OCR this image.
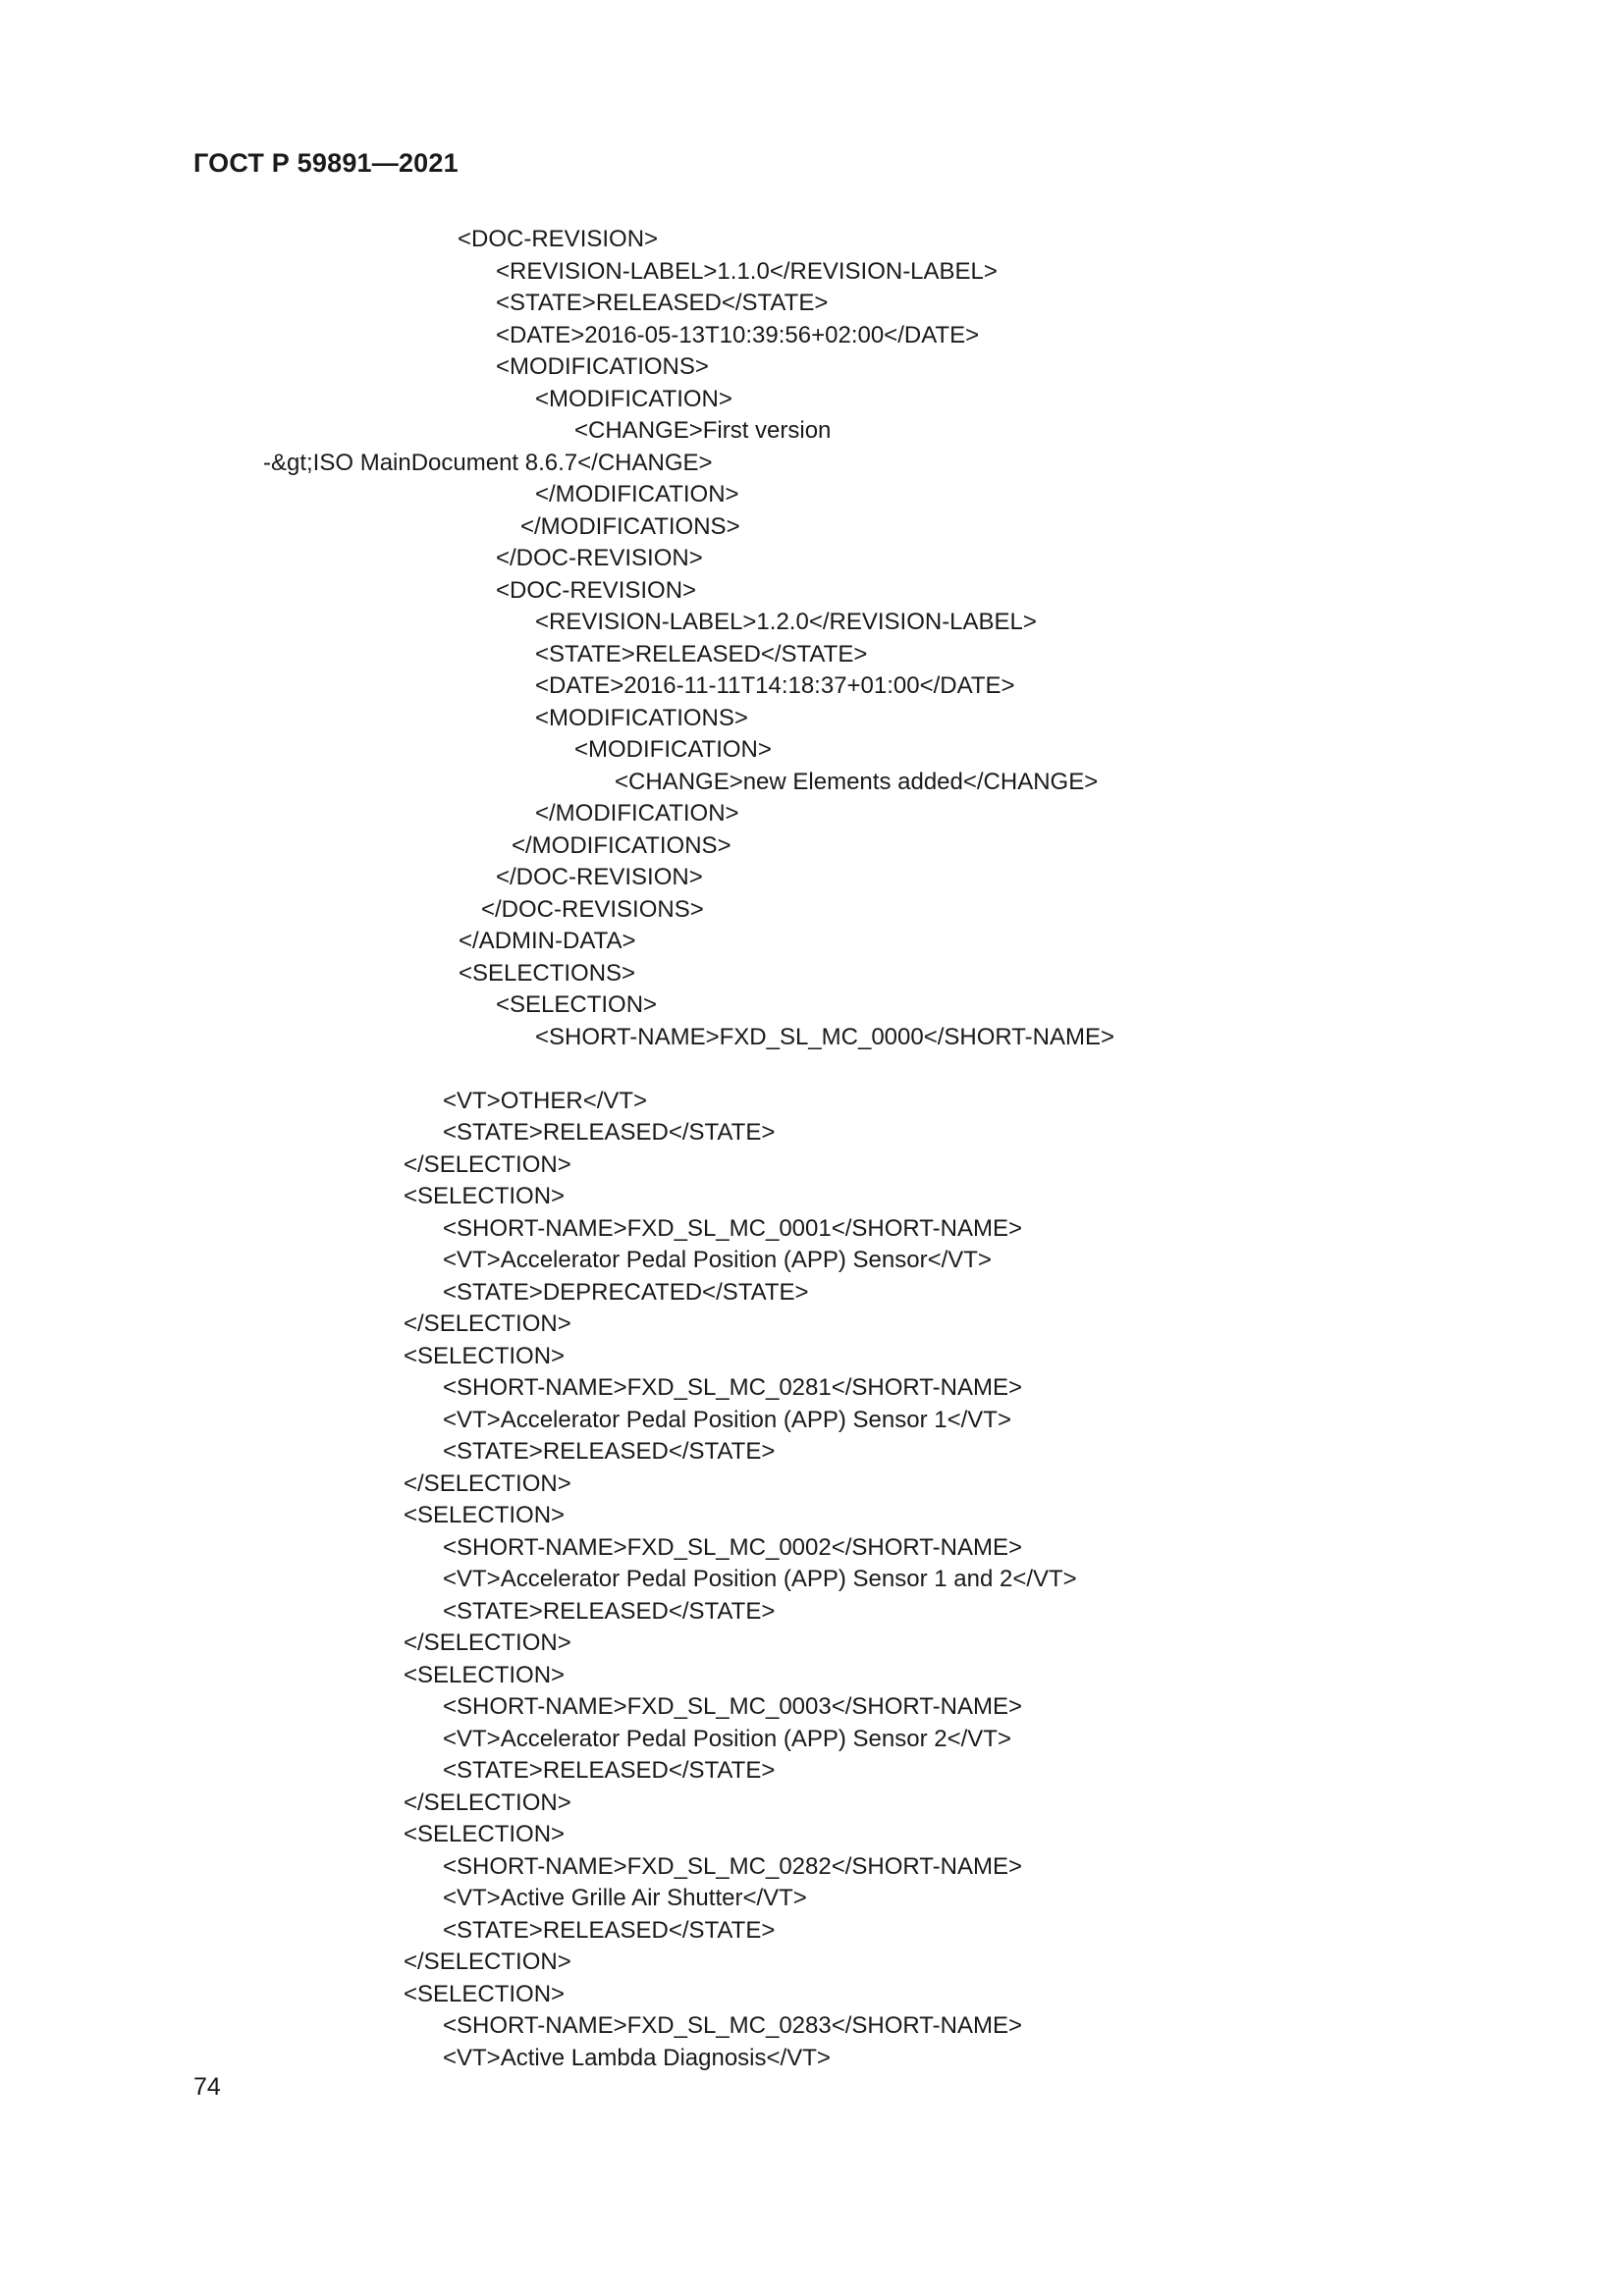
ГОСТ Р 59891—2021
<DOC-REVISION>
<REVISION-LABEL>1.1.0</REVISION-LABEL>
<STATE>RELEASED</STATE>
<DATE>2016-05-13T10:39:56+02:00</DATE>
<MODIFICATIONS>
<MODIFICATION>
<CHANGE>First version
-&gt;ISO MainDocument 8.6.7</CHANGE>
</MODIFICATION>
</MODIFICATIONS>
</DOC-REVISION>
<DOC-REVISION>
<REVISION-LABEL>1.2.0</REVISION-LABEL>
<STATE>RELEASED</STATE>
<DATE>2016-11-11T14:18:37+01:00</DATE>
<MODIFICATIONS>
<MODIFICATION>
<CHANGE>new Elements added</CHANGE>
</MODIFICATION>
</MODIFICATIONS>
</DOC-REVISION>
</DOC-REVISIONS>
</ADMIN-DATA>
<SELECTIONS>
<SELECTION>
<SHORT-NAME>FXD_SL_MC_0000</SHORT-NAME>
<VT>OTHER</VT>
<STATE>RELEASED</STATE>
</SELECTION>
<SELECTION>
<SHORT-NAME>FXD_SL_MC_0001</SHORT-NAME>
<VT>Accelerator Pedal Position (APP) Sensor</VT>
<STATE>DEPRECATED</STATE>
</SELECTION>
<SELECTION>
<SHORT-NAME>FXD_SL_MC_0281</SHORT-NAME>
<VT>Accelerator Pedal Position (APP) Sensor 1</VT>
<STATE>RELEASED</STATE>
</SELECTION>
<SELECTION>
<SHORT-NAME>FXD_SL_MC_0002</SHORT-NAME>
<VT>Accelerator Pedal Position (APP) Sensor 1 and 2</VT>
<STATE>RELEASED</STATE>
</SELECTION>
<SELECTION>
<SHORT-NAME>FXD_SL_MC_0003</SHORT-NAME>
<VT>Accelerator Pedal Position (APP) Sensor 2</VT>
<STATE>RELEASED</STATE>
</SELECTION>
<SELECTION>
<SHORT-NAME>FXD_SL_MC_0282</SHORT-NAME>
<VT>Active Grille Air Shutter</VT>
<STATE>RELEASED</STATE>
</SELECTION>
<SELECTION>
<SHORT-NAME>FXD_SL_MC_0283</SHORT-NAME>
<VT>Active Lambda Diagnosis</VT>
74
